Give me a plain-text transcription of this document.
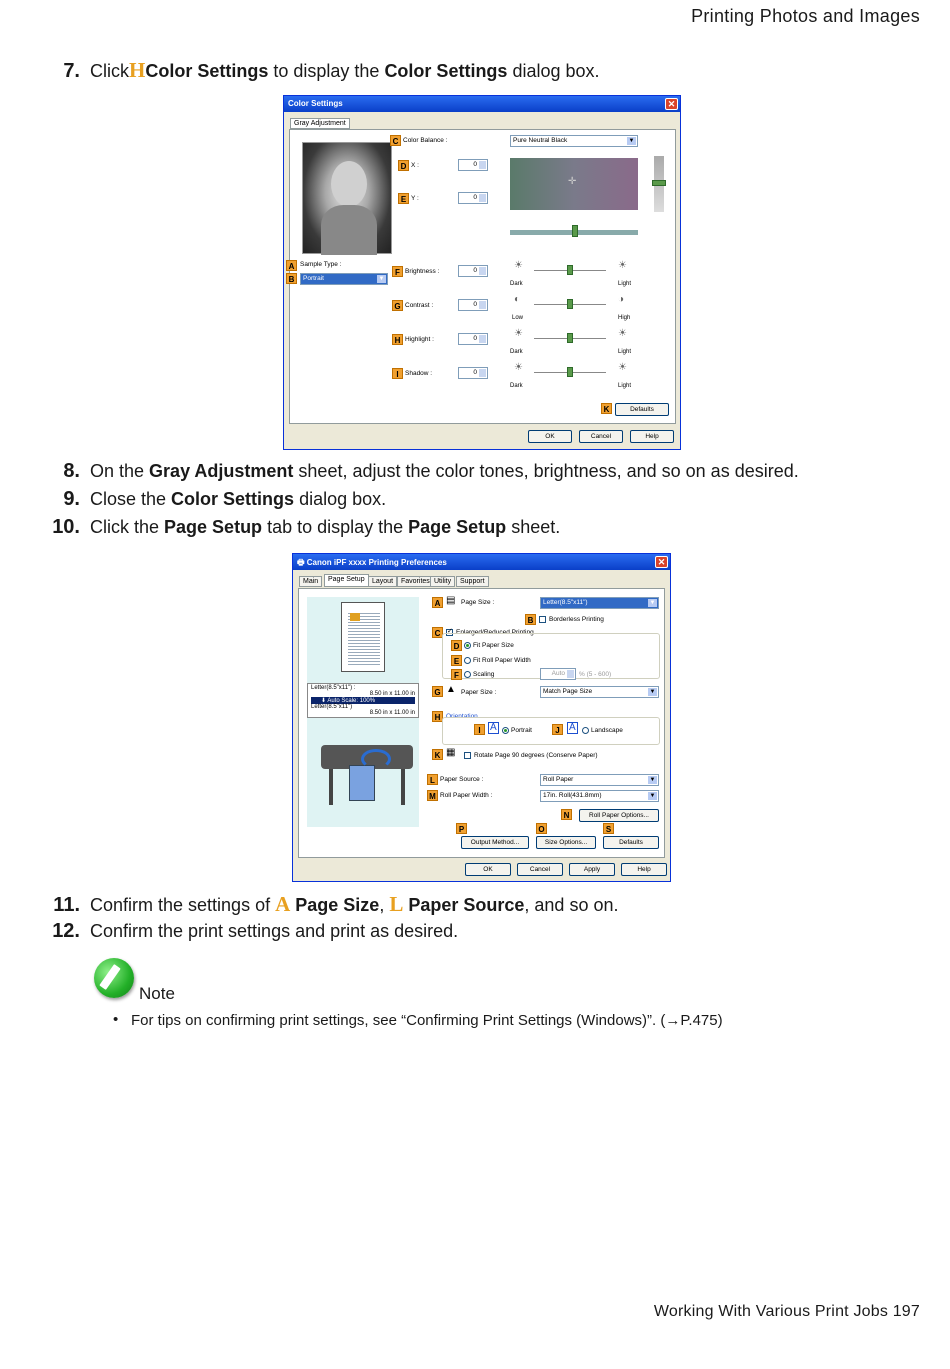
Printing Photos and Images
7. Click H Color Settings to display the Color Settings dialog box.
Color Settings	✕
Gray Adjustment
A Sample Type :
B	Portrait	▼
C Color Balance :	Pure Neutral Black	▼
D X :	0
E Y :	0
✛
F Brightness :	0	☀	☀
Dark	Light
G Contrast :	0	◐	◑
Low	High
H Highlight :	0	☀	☀
Dark	Light
I Shadow :	0	☀	☀
Dark	Light
K	Defaults
OK	Cancel	Help
8. On the Gray Adjustment sheet, adjust the color tones, brightness, and so on as desired.
9. Close the Color Settings dialog box.
10. Click the Page Setup tab to display the Page Setup sheet.
🖶 Canon iPF xxxx Printing Preferences	✕
Main	Page Setup	Layout	Favorites Utility	Support
Letter(8.5"x11") :
8.50 in x 11.00 in
⬇ Auto Scale: 100%
Letter(8.5"x11")
8.50 in x 11.00 in
A ▤ Page Size :	Letter(8.5"x11")	▼
B	Borderless Printing
C ✓ Enlarged/Reduced Printing
D	Fit Paper Size
E	Fit Roll Paper Width
F	Scaling	Auto	% (5 - 600)
G ▲ Paper Size :	Match Page Size	▼
H Orientation
I A	Portrait	J A	Landscape
K ▦	Rotate Page 90 degrees (Conserve Paper)
L Paper Source :	Roll Paper	▼
M Roll Paper Width :	17in. Roll(431.8mm)	▼
N	Roll Paper Options...
P	O	S
Output Method...	Size Options...	Defaults
OK	Cancel	Apply	Help
11. Confirm the settings of A Page Size , L Paper Source , and so on.
12. Confirm the print settings and print as desired.
Note
• For tips on confirming print settings, see “Confirming Print Settings (Windows)”. (→P.475)
Working With Various Print Jobs 197
